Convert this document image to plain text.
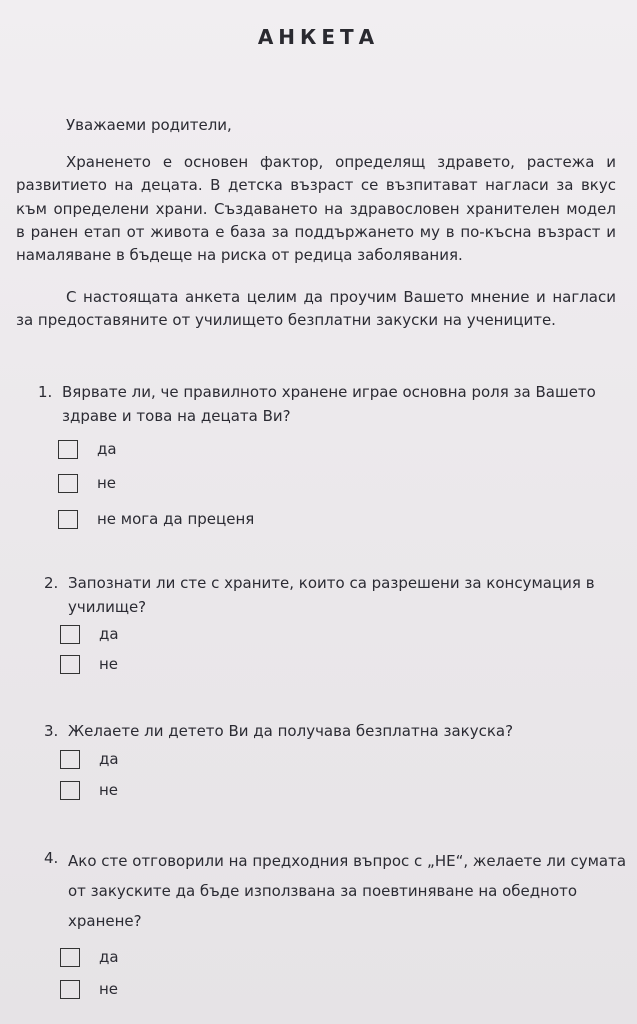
АНКЕТА
Уважаеми родители,
Храненето е основен фактор, определящ здравето, растежа и развитието на децата. В детска възраст се възпитават нагласи за вкус към определени храни. Създаването на здравословен хранителен модел в ранен етап от живота е база за поддържането му в по-късна възраст и намаляване в бъдеще на риска от редица заболявания.
С настоящата анкета целим да проучим Вашето мнение и нагласи за предоставяните от училището безплатни закуски на учениците.
1. Вярвате ли, че правилното хранене играе основна роля за Вашето здраве и това на децата Ви?
да
не
не мога да преценя
2. Запознати ли сте с храните, които са разрешени за консумация в училище?
да
не
3. Желаете ли детето Ви да получава безплатна закуска?
да
не
4. Ако сте отговорили на предходния въпрос с „НЕ“, желаете ли сумата от закуските да бъде използвана за поевтиняване на обедното хранене?
да
не
